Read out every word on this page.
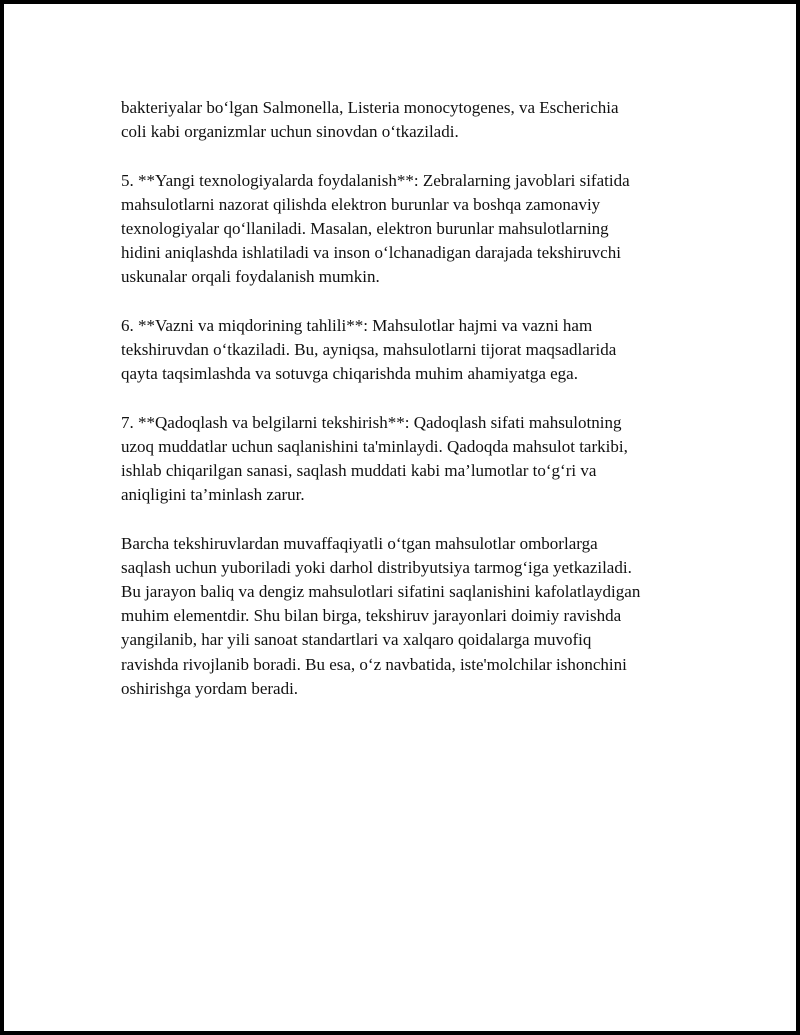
bakteriyalar bo‘lgan Salmonella, Listeria monocytogenes, va Escherichia
coli kabi organizmlar uchun sinovdan o‘tkaziladi.

5. **Yangi texnologiyalarda foydalanish**: Zebralarning javoblari sifatida
mahsulotlarni nazorat qilishda elektron burunlar va boshqa zamonaviy
texnologiyalar qo‘llaniladi. Masalan, elektron burunlar mahsulotlarning
hidini aniqlashda ishlatiladi va inson o‘lchanadigan darajada tekshiruvchi
uskunalar orqali foydalanish mumkin.

6. **Vazni va miqdorining tahlili**: Mahsulotlar hajmi va vazni ham
tekshiruvdan o‘tkaziladi. Bu, ayniqsa, mahsulotlarni tijorat maqsadlarida
qayta taqsimlashda va sotuvga chiqarishda muhim ahamiyatga ega.

7. **Qadoqlash va belgilarni tekshirish**: Qadoqlash sifati mahsulotning
uzoq muddatlar uchun saqlanishini ta'minlaydi. Qadoqda mahsulot tarkibi,
ishlab chiqarilgan sanasi, saqlash muddati kabi ma’lumotlar to‘g‘ri va
aniqligini ta’minlash zarur.

Barcha tekshiruvlardan muvaffaqiyatli o‘tgan mahsulotlar omborlarga
saqlash uchun yuboriladi yoki darhol distribyutsiya tarmog‘iga yetkaziladi.
Bu jarayon baliq va dengiz mahsulotlari sifatini saqlanishini kafolatlaydigan
muhim elementdir. Shu bilan birga, tekshiruv jarayonlari doimiy ravishda
yangilanib, har yili sanoat standartlari va xalqaro qoidalarga muvofiq
ravishda rivojlanib boradi. Bu esa, o‘z navbatida, iste'molchilar ishonchini
oshirishga yordam beradi.
